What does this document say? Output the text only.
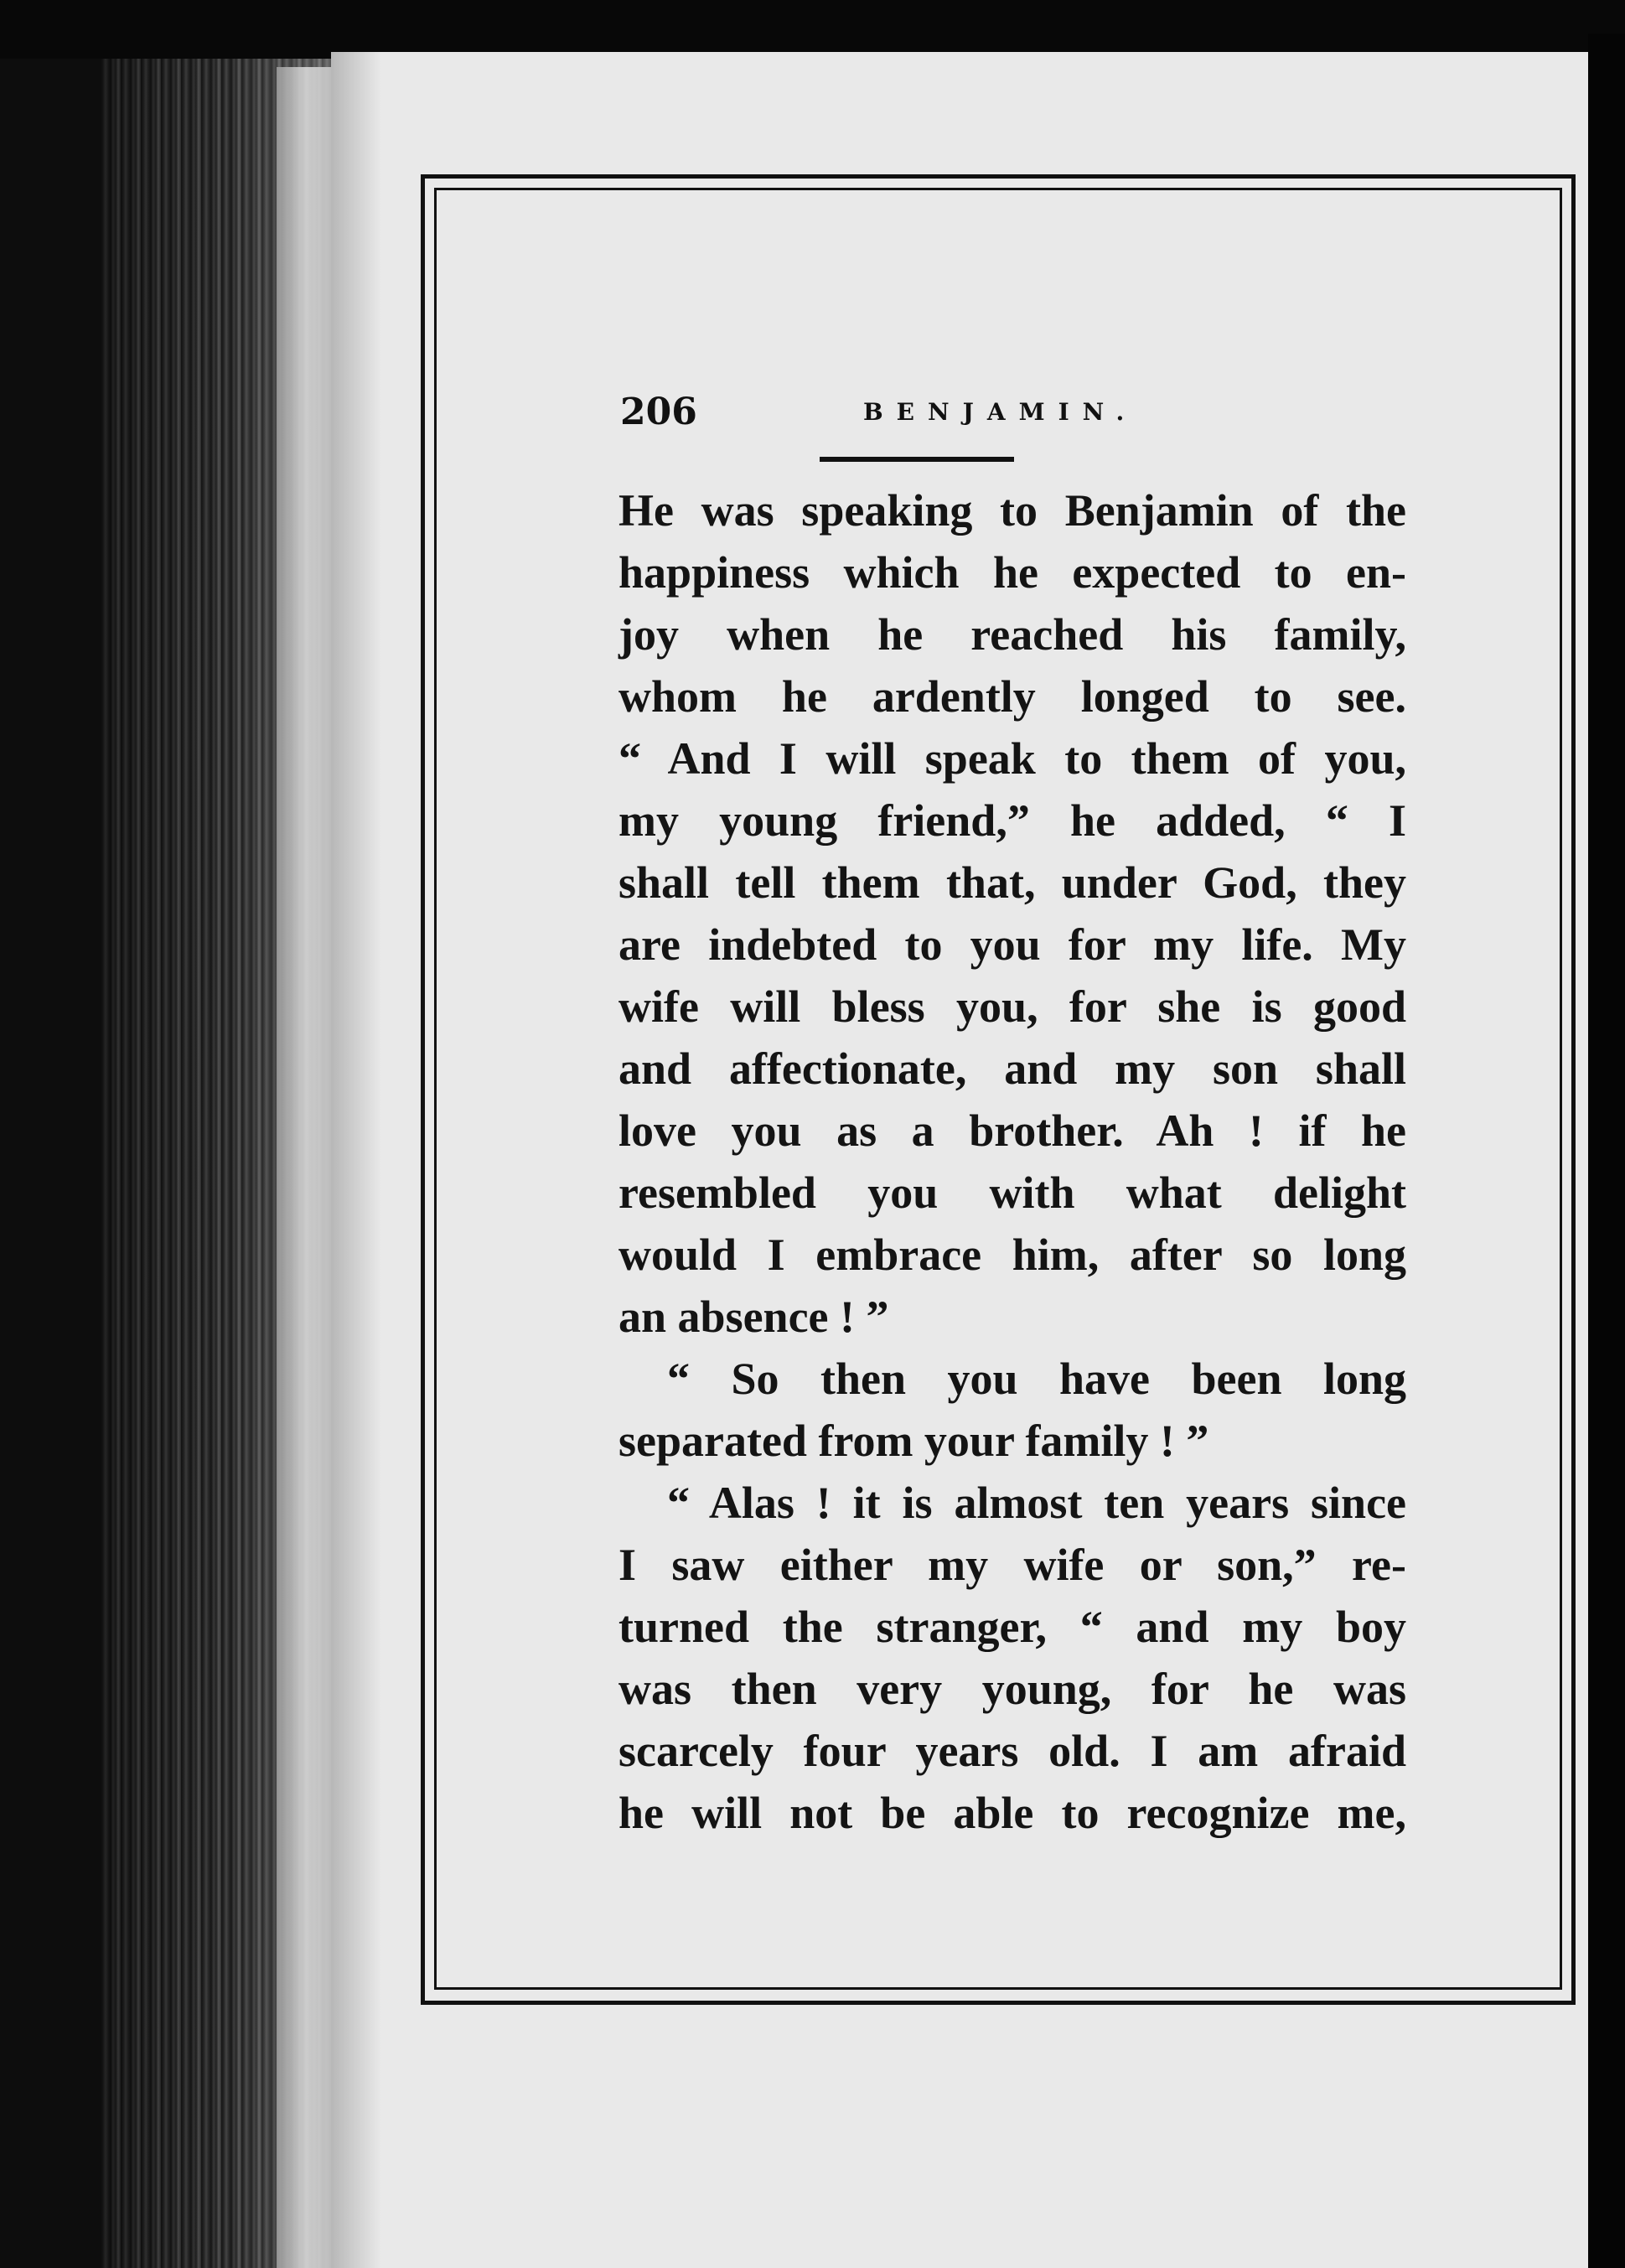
206	BENJAMIN.
He was speaking to Benjamin of the
happiness which he expected to en-
joy when he reached his family,
whom he ardently longed to see.
“ And I will speak to them of you,
my young friend,” he added, “ I
shall tell them that, under God, they
are indebted to you for my life. My
wife will bless you, for she is good
and affectionate, and my son shall
love you as a brother. Ah ! if he
resembled you with what delight
would I embrace him, after so long
an absence ! ”
“ So then you have been long
separated from your family ! ”
“ Alas ! it is almost ten years since
I saw either my wife or son,” re-
turned the stranger, “ and my boy
was then very young, for he was
scarcely four years old. I am afraid
he will not be able to recognize me,
